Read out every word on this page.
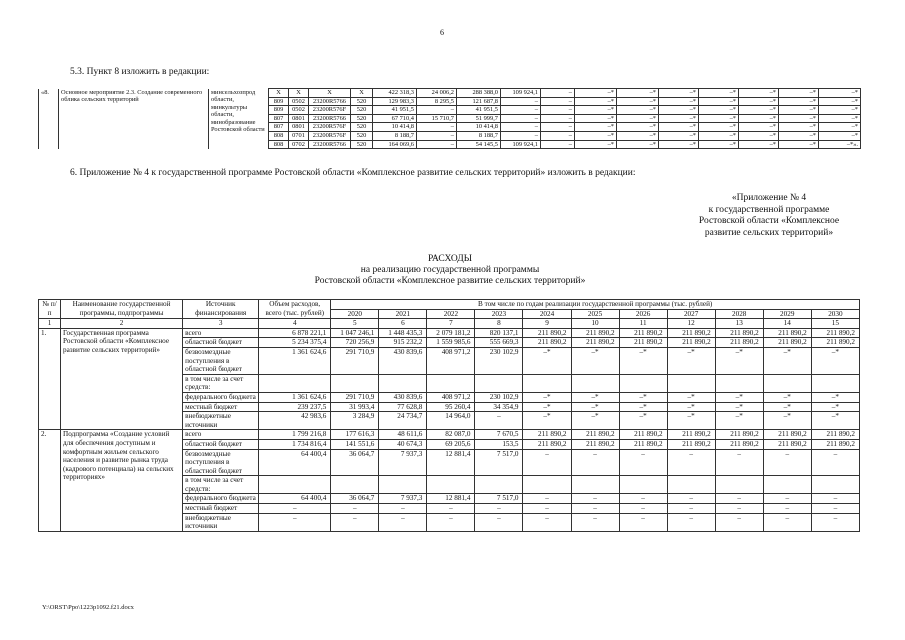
6
5.3. Пункт 8 изложить в редакции:
«8.	Основное мероприятие 2.3. Создание современного облика сельских территорий	минсельхозпрод области, минкультуры области, минобразование Ростовской области	X	X	X	X	422 318,3	24 006,2	288 388,0	109 924,1	–	–*	–*	–*	–*	–*	–*	–*
			809	0502	23200R5766	520	129 983,3	8 295,5	121 687,8	–	–	–*	–*	–*	–*	–*	–*	–*
			809	0502	23200R576F	520	41 951,5	–	41 951,5	–	–	–*	–*	–*	–*	–*	–*	–*
			807	0801	23200R5766	520	67 710,4	15 710,7	51 999,7	–	–	–*	–*	–*	–*	–*	–*	–*
			807	0801	23200R576F	520	10 414,8	–	10 414,8	–	–	–*	–*	–*	–*	–*	–*	–*
			808	0701	23200R576F	520	8 188,7	–	8 188,7	–	–	–*	–*	–*	–*	–*	–*	–*
			808	0702	23200R5766	520	164 069,6	–	54 145,5	109 924,1	–	–*	–*	–*	–*	–*	–*	–*».
6. Приложение № 4 к государственной программе Ростовской области «Комплексное развитие сельских территорий» изложить в редакции:
«Приложение № 4
к государственной программе
Ростовской области «Комплексное
развитие сельских территорий»
РАСХОДЫ
на реализацию государственной программы
Ростовской области «Комплексное развитие сельских территорий»
№ п/п	Наименование государственной программы, подпрограммы	Источник финансирования	Объем расходов, всего (тыс. рублей)	В том числе по годам реализации государственной программы (тыс. рублей)										
				2020	2021	2022	2023	2024	2025	2026	2027	2028	2029	2030
1	2	3	4	5	6	7	8	9	10	11	12	13	14	15
1.	Государственная программа Ростовской области «Комплексное развитие сельских территорий»	всего	6 878 221,1	1 047 246,1	1 448 435,3	2 079 181,2	820 137,1	211 890,2	211 890,2	211 890,2	211 890,2	211 890,2	211 890,2	211 890,2
		областной бюджет	5 234 375,4	720 256,9	915 232,2	1 559 985,6	555 669,3	211 890,2	211 890,2	211 890,2	211 890,2	211 890,2	211 890,2	211 890,2
		безвозмездные поступления в областной бюджет	1 361 624,6	291 710,9	430 839,6	408 971,2	230 102,9	–*	–*	–*	–*	–*	–*	–*
		в том числе за счет средств:												
		федерального бюджета	1 361 624,6	291 710,9	430 839,6	408 971,2	230 102,9	–*	–*	–*	–*	–*	–*	–*
		местный бюджет	239 237,5	31 993,4	77 628,8	95 260,4	34 354,9	–*	–*	–*	–*	–*	–*	–*
		внебюджетные источники	42 983,6	3 284,9	24 734,7	14 964,0	–	–*	–*	–*	–*	–*	–*	–*
2.	Подпрограмма «Создание условий для обеспечения доступным и комфортным жильем сельского населения и развитие рынка труда (кадрового потенциала) на сельских территориях»	всего	1 799 216,8	177 616,3	48 611,6	82 087,0	7 670,5	211 890,2	211 890,2	211 890,2	211 890,2	211 890,2	211 890,2	211 890,2
		областной бюджет	1 734 816,4	141 551,6	40 674,3	69 205,6	153,5	211 890,2	211 890,2	211 890,2	211 890,2	211 890,2	211 890,2	211 890,2
		безвозмездные поступления в областной бюджет	64 400,4	36 064,7	7 937,3	12 881,4	7 517,0	–	–	–	–	–	–	–
		в том числе за счет средств:												
		федерального бюджета	64 400,4	36 064,7	7 937,3	12 881,4	7 517,0	–	–	–	–	–	–	–
		местный бюджет	–	–	–	–	–	–	–	–	–	–	–	–
		внебюджетные источники	–	–	–	–	–	–	–	–	–	–	–	–
Y:\ORST\Ppo\1223p1092.f21.docx
